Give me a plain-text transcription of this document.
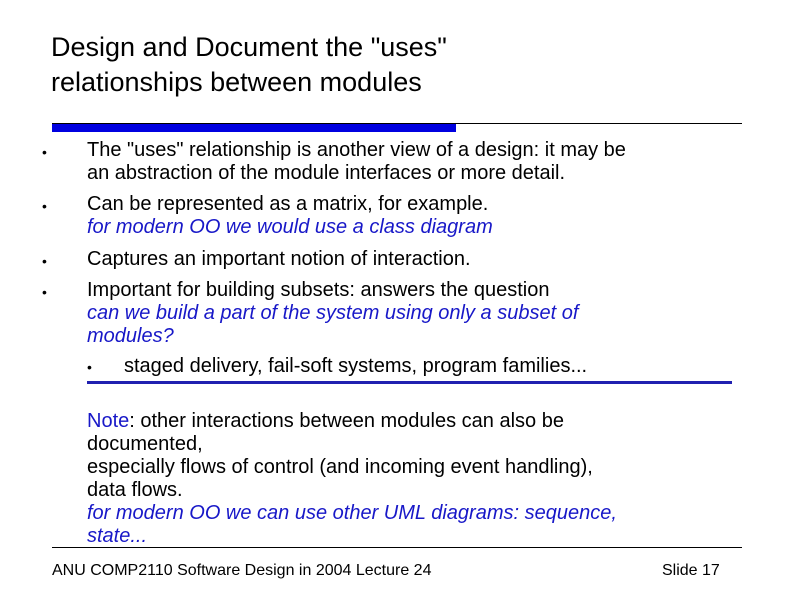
Design and Document the "uses"
relationships between modules
• The "uses" relationship is another view of a design: it may be
an abstraction of the module interfaces or more detail.
• Can be represented as a matrix, for example.
for modern OO we would use a class diagram
• Captures an important notion of interaction.
• Important for building subsets: answers the question
can we build a part of the system using only a subset of
modules?
• staged delivery, fail-soft systems, program families...
Note: other interactions between modules can also be
documented,
especially flows of control (and incoming event handling),
data flows.
for modern OO we can use other UML diagrams: sequence,
state...
ANU COMP2110 Software Design in 2004 Lecture 24	Slide 17
